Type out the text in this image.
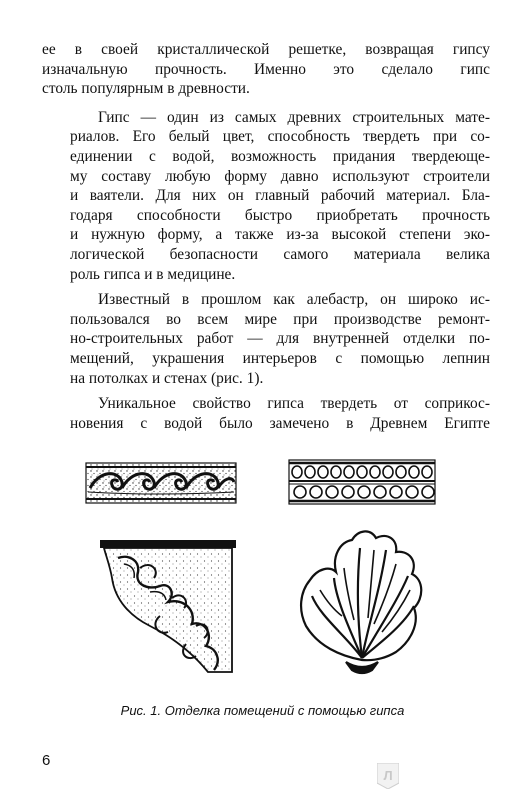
ее в своей кристаллической решетке, возвращая гипсу
изначальную прочность. Именно это сделало гипс
столь популярным в древности.

Гипс — один из самых древних строительных мате-
риалов. Его белый цвет, способность твердеть при со-
единении с водой, возможность придания твердеюще-
му составу любую форму давно используют строители
и ваятели. Для них он главный рабочий материал. Бла-
годаря способности быстро приобретать прочность
и нужную форму, а также из-за высокой степени эко-
логической безопасности самого материала велика
роль гипса и в медицине.

Известный в прошлом как алебастр, он широко ис-
пользовался во всем мире при производстве ремонт-
но-строительных работ — для внутренней отделки по-
мещений, украшения интерьеров с помощью лепнин
на потолках и стенах (рис. 1).

Уникальное свойство гипса твердеть от соприкос-
новения с водой было замечено в Древнем Египте

Рис. 1. Отделка помещений с помощью гипса
6
Л
